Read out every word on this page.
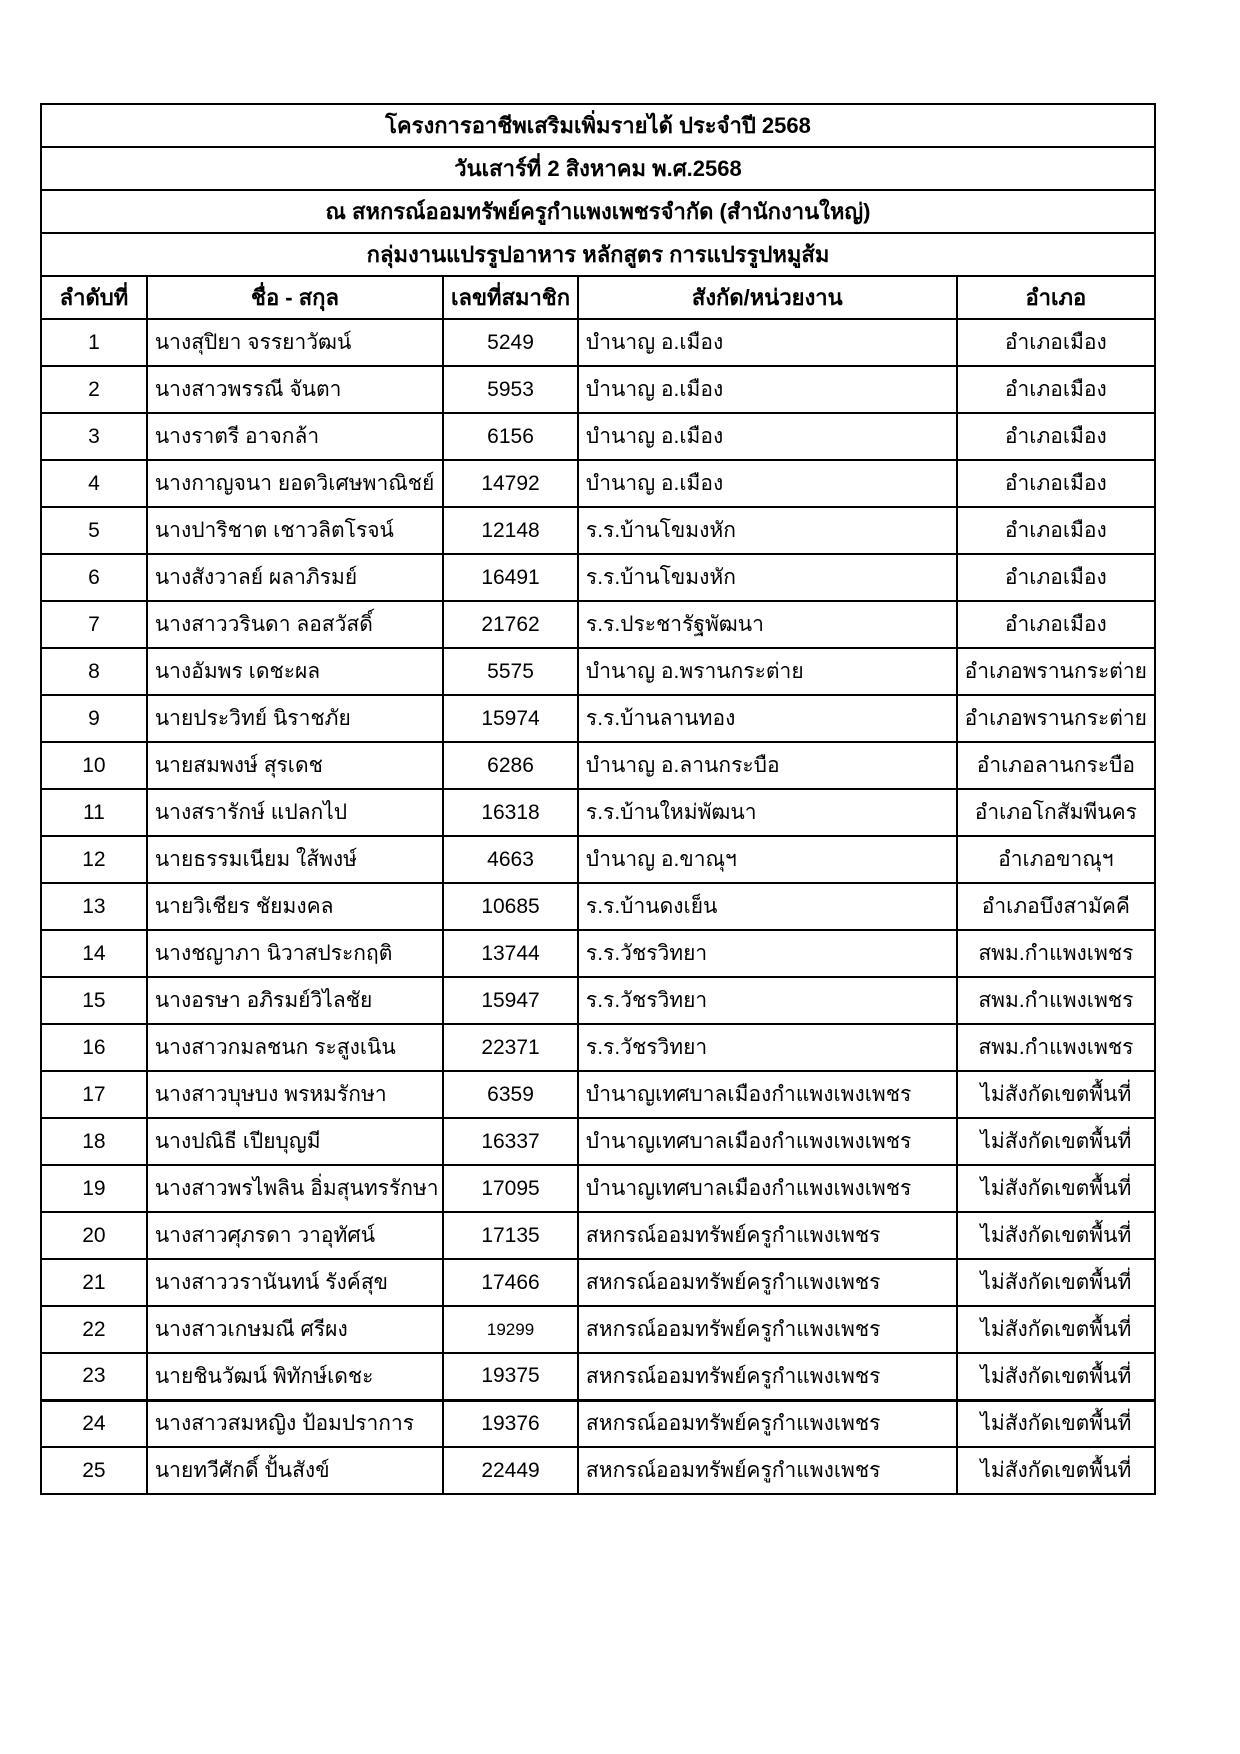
โครงการอาชีพเสริมเพิ่มรายได้ ประจำปี 2568				
วันเสาร์ที่ 2 สิงหาคม พ.ศ.2568				
ณ สหกรณ์ออมทรัพย์ครูกำแพงเพชรจำกัด (สำนักงานใหญ่)				
กลุ่มงานแปรรูปอาหาร หลักสูตร การแปรรูปหมูส้ม				
ลำดับที่	ชื่อ - สกุล	เลขที่สมาชิก	สังกัด/หน่วยงาน	อำเภอ
1	นางสุปิยา จรรยาวัฒน์	5249	บำนาญ อ.เมือง	อำเภอเมือง
2	นางสาวพรรณี จันตา	5953	บำนาญ อ.เมือง	อำเภอเมือง
3	นางราตรี อาจกล้า	6156	บำนาญ อ.เมือง	อำเภอเมือง
4	นางกาญจนา ยอดวิเศษพาณิชย์	14792	บำนาญ อ.เมือง	อำเภอเมือง
5	นางปาริชาต เชาวลิตโรจน์	12148	ร.ร.บ้านโขมงหัก	อำเภอเมือง
6	นางสังวาลย์ ผลาภิรมย์	16491	ร.ร.บ้านโขมงหัก	อำเภอเมือง
7	นางสาววรินดา ลอสวัสดิ์	21762	ร.ร.ประชารัฐพัฒนา	อำเภอเมือง
8	นางอัมพร เดชะผล	5575	บำนาญ อ.พรานกระต่าย	อำเภอพรานกระต่าย
9	นายประวิทย์ นิราชภัย	15974	ร.ร.บ้านลานทอง	อำเภอพรานกระต่าย
10	นายสมพงษ์ สุรเดช	6286	บำนาญ อ.ลานกระบือ	อำเภอลานกระบือ
11	นางสรารักษ์ แปลกไป	16318	ร.ร.บ้านใหม่พัฒนา	อำเภอโกสัมพีนคร
12	นายธรรมเนียม ใส้พงษ์	4663	บำนาญ อ.ขาณุฯ	อำเภอขาณุฯ
13	นายวิเชียร ชัยมงคล	10685	ร.ร.บ้านดงเย็น	อำเภอบึงสามัคคี
14	นางชญาภา นิวาสประกฤติ	13744	ร.ร.วัชรวิทยา	สพม.กำแพงเพชร
15	นางอรษา อภิรมย์วิไลชัย	15947	ร.ร.วัชรวิทยา	สพม.กำแพงเพชร
16	นางสาวกมลชนก ระสูงเนิน	22371	ร.ร.วัชรวิทยา	สพม.กำแพงเพชร
17	นางสาวบุษบง พรหมรักษา	6359	บำนาญเทศบาลเมืองกำแพงเพงเพชร	ไม่สังกัดเขตพื้นที่
18	นางปณิธี เปียบุญมี	16337	บำนาญเทศบาลเมืองกำแพงเพงเพชร	ไม่สังกัดเขตพื้นที่
19	นางสาวพรไพลิน อิ่มสุนทรรักษา	17095	บำนาญเทศบาลเมืองกำแพงเพงเพชร	ไม่สังกัดเขตพื้นที่
20	นางสาวศุภรดา วาอุทัศน์	17135	สหกรณ์ออมทรัพย์ครูกำแพงเพชร	ไม่สังกัดเขตพื้นที่
21	นางสาววรานันทน์ รังค์สุข	17466	สหกรณ์ออมทรัพย์ครูกำแพงเพชร	ไม่สังกัดเขตพื้นที่
22	นางสาวเกษมณี ศรีผง	19299	สหกรณ์ออมทรัพย์ครูกำแพงเพชร	ไม่สังกัดเขตพื้นที่
23	นายชินวัฒน์ พิทักษ์เดชะ	19375	สหกรณ์ออมทรัพย์ครูกำแพงเพชร	ไม่สังกัดเขตพื้นที่
24	นางสาวสมหญิง ป้อมปราการ	19376	สหกรณ์ออมทรัพย์ครูกำแพงเพชร	ไม่สังกัดเขตพื้นที่
25	นายทวีศักดิ์ ปั้นสังข์	22449	สหกรณ์ออมทรัพย์ครูกำแพงเพชร	ไม่สังกัดเขตพื้นที่
